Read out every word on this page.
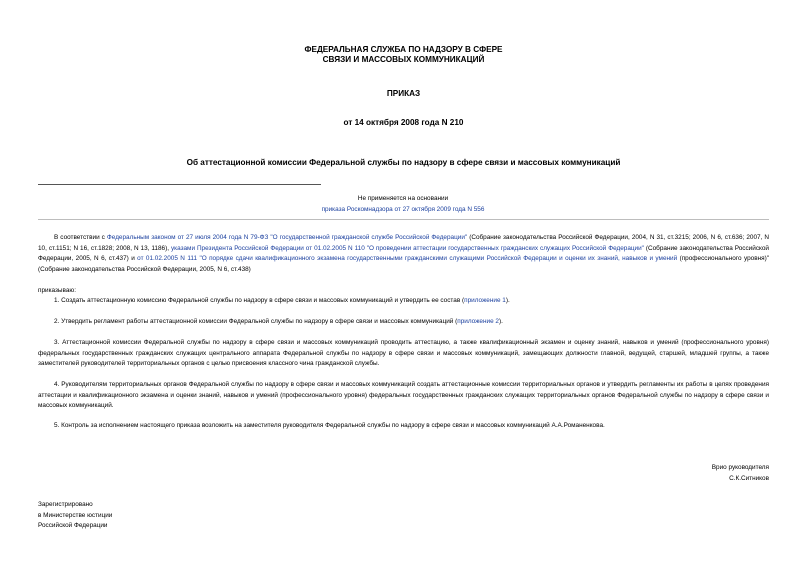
ФЕДЕРАЛЬНАЯ СЛУЖБА ПО НАДЗОРУ В СФЕРЕ
СВЯЗИ И МАССОВЫХ КОММУНИКАЦИЙ
ПРИКАЗ
от 14 октября 2008 года N 210
Об аттестационной комиссии Федеральной службы по надзору в сфере связи и массовых коммуникаций
Не применяется на основании
приказа Роскомнадзора от 27 октября 2009 года N 556
В соответствии с Федеральным законом от 27 июля 2004 года N 79-ФЗ "О государственной гражданской службе Российской Федерации" (Собрание законодательства Российской Федерации, 2004, N 31, ст.3215; 2006, N 6, ст.636; 2007, N 10, ст.1151; N 16, ст.1828; 2008, N 13, 1186), указами Президента Российской Федерации от 01.02.2005 N 110 "О проведении аттестации государственных гражданских служащих Российской Федерации" (Собрание законодательства Российской Федерации, 2005, N 6, ст.437) и от 01.02.2005 N 111 "О порядке сдачи квалификационного экзамена государственными гражданскими служащими Российской Федерации и оценки их знаний, навыков и умений (профессионального уровня)" (Собрание законодательства Российской Федерации, 2005, N 6, ст.438)
приказываю:
1. Создать аттестационную комиссию Федеральной службы по надзору в сфере связи и массовых коммуникаций и утвердить ее состав (приложение 1).
2. Утвердить регламент работы аттестационной комиссии Федеральной службы по надзору в сфере связи и массовых коммуникаций (приложение 2).
3. Аттестационной комиссии Федеральной службы по надзору в сфере связи и массовых коммуникаций проводить аттестацию, а также квалификационный экзамен и оценку знаний, навыков и умений (профессионального уровня) федеральных государственных гражданских служащих центрального аппарата Федеральной службы по надзору в сфере связи и массовых коммуникаций, замещающих должности главной, ведущей, старшей, младшей группы, а также заместителей руководителей территориальных органов с целью присвоения классного чина гражданской службы.
4. Руководителям территориальных органов Федеральной службы по надзору в сфере связи и массовых коммуникаций создать аттестационные комиссии территориальных органов и утвердить регламенты их работы в целях проведения аттестации и квалификационного экзамена и оценки знаний, навыков и умений (профессионального уровня) федеральных государственных гражданских служащих территориальных органов Федеральной службы по надзору в сфере связи и массовых коммуникаций.
5. Контроль за исполнением настоящего приказа возложить на заместителя руководителя Федеральной службы по надзору в сфере связи и массовых коммуникаций А.А.Романенкова.
Врио руководителя
С.К.Ситников
Зарегистрировано
в Министерстве юстиции
Российской Федерации
